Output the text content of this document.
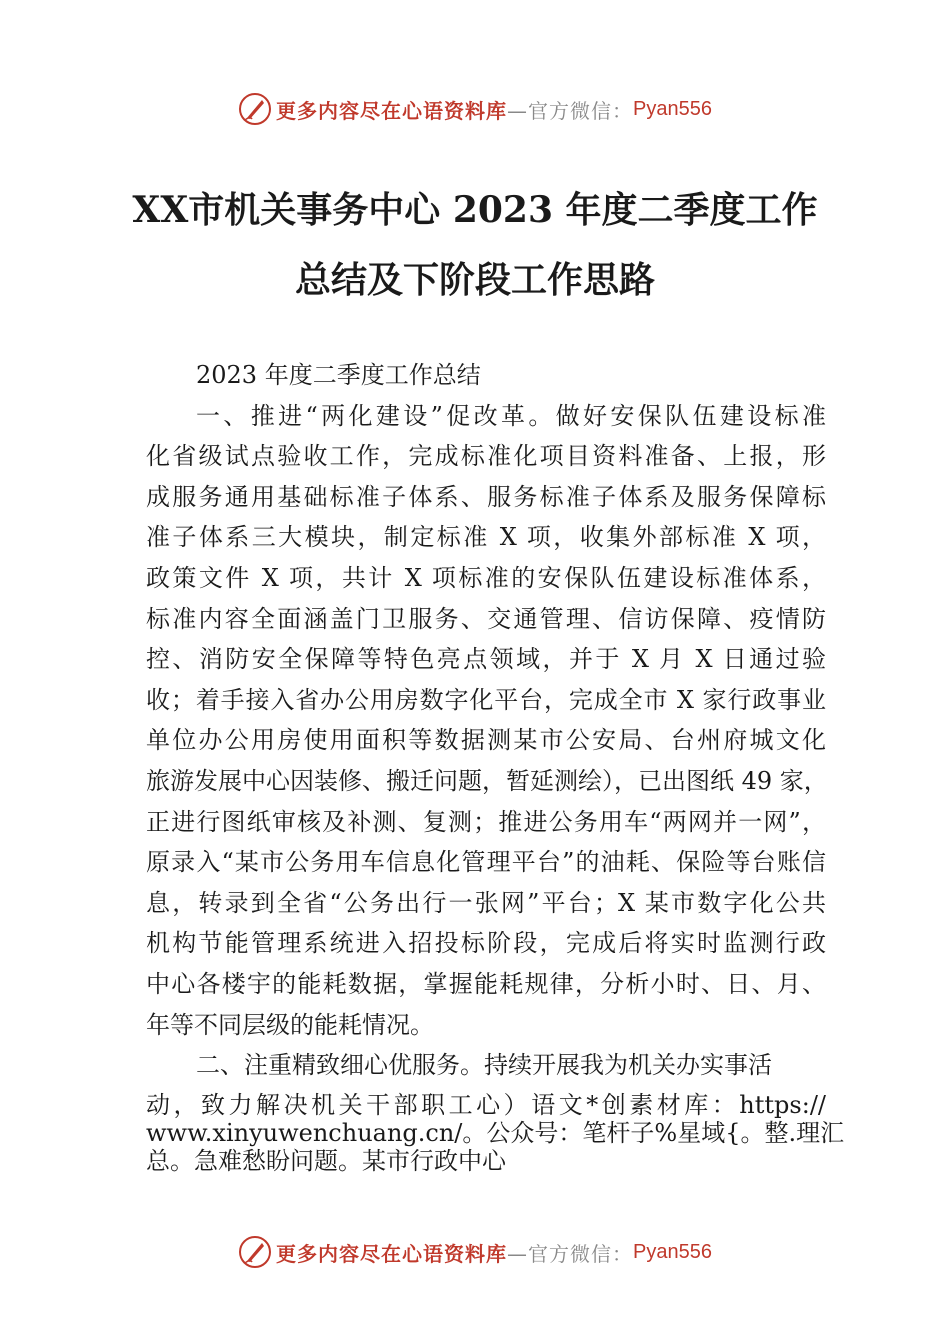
更多内容尽在心语资料库 —官方微信： Pyan556
XX市机关事务中心 2023 年度二季度工作
总结及下阶段工作思路

2023 年度二季度工作总结

一、推进“两化建设”促改革。做好安保队伍建设标准
化省级试点验收工作，完成标准化项目资料准备、上报，形
成服务通用基础标准子体系、服务标准子体系及服务保障标
准子体系三大模块，制定标准 X 项，收集外部标准 X 项，
政策文件 X 项，共计 X 项标准的安保队伍建设标准体系，
标准内容全面涵盖门卫服务、交通管理、信访保障、疫情防
控、消防安全保障等特色亮点领域，并于 X 月 X 日通过验
收；着手接入省办公用房数字化平台，完成全市 X 家行政事业
单位办公用房使用面积等数据测某市公安局、台州府城文化
旅游发展中心因装修、搬迁问题，暂延测绘），已出图纸 49 家，
正进行图纸审核及补测、复测；推进公务用车“两网并一网”，
原录入“某市公务用车信息化管理平台”的油耗、保险等台账信
息，转录到全省“公务出行一张网”平台；X 某市数字化公共
机构节能管理系统进入招投标阶段，完成后将实时监测行政
中心各楼宇的能耗数据，掌握能耗规律，分析小时、日、月、
年等不同层级的能耗情况。

二、注重精致细心优服务。持续开展我为机关办实事活

动，致力解决机关干部职工心）语文*创素材库：https://
www.xinyuwenchuang.cn/。公众号：笔杆子%星域{。整.理汇
总。急难愁盼问题。某市行政中心
更多内容尽在心语资料库 —官方微信： Pyan556
